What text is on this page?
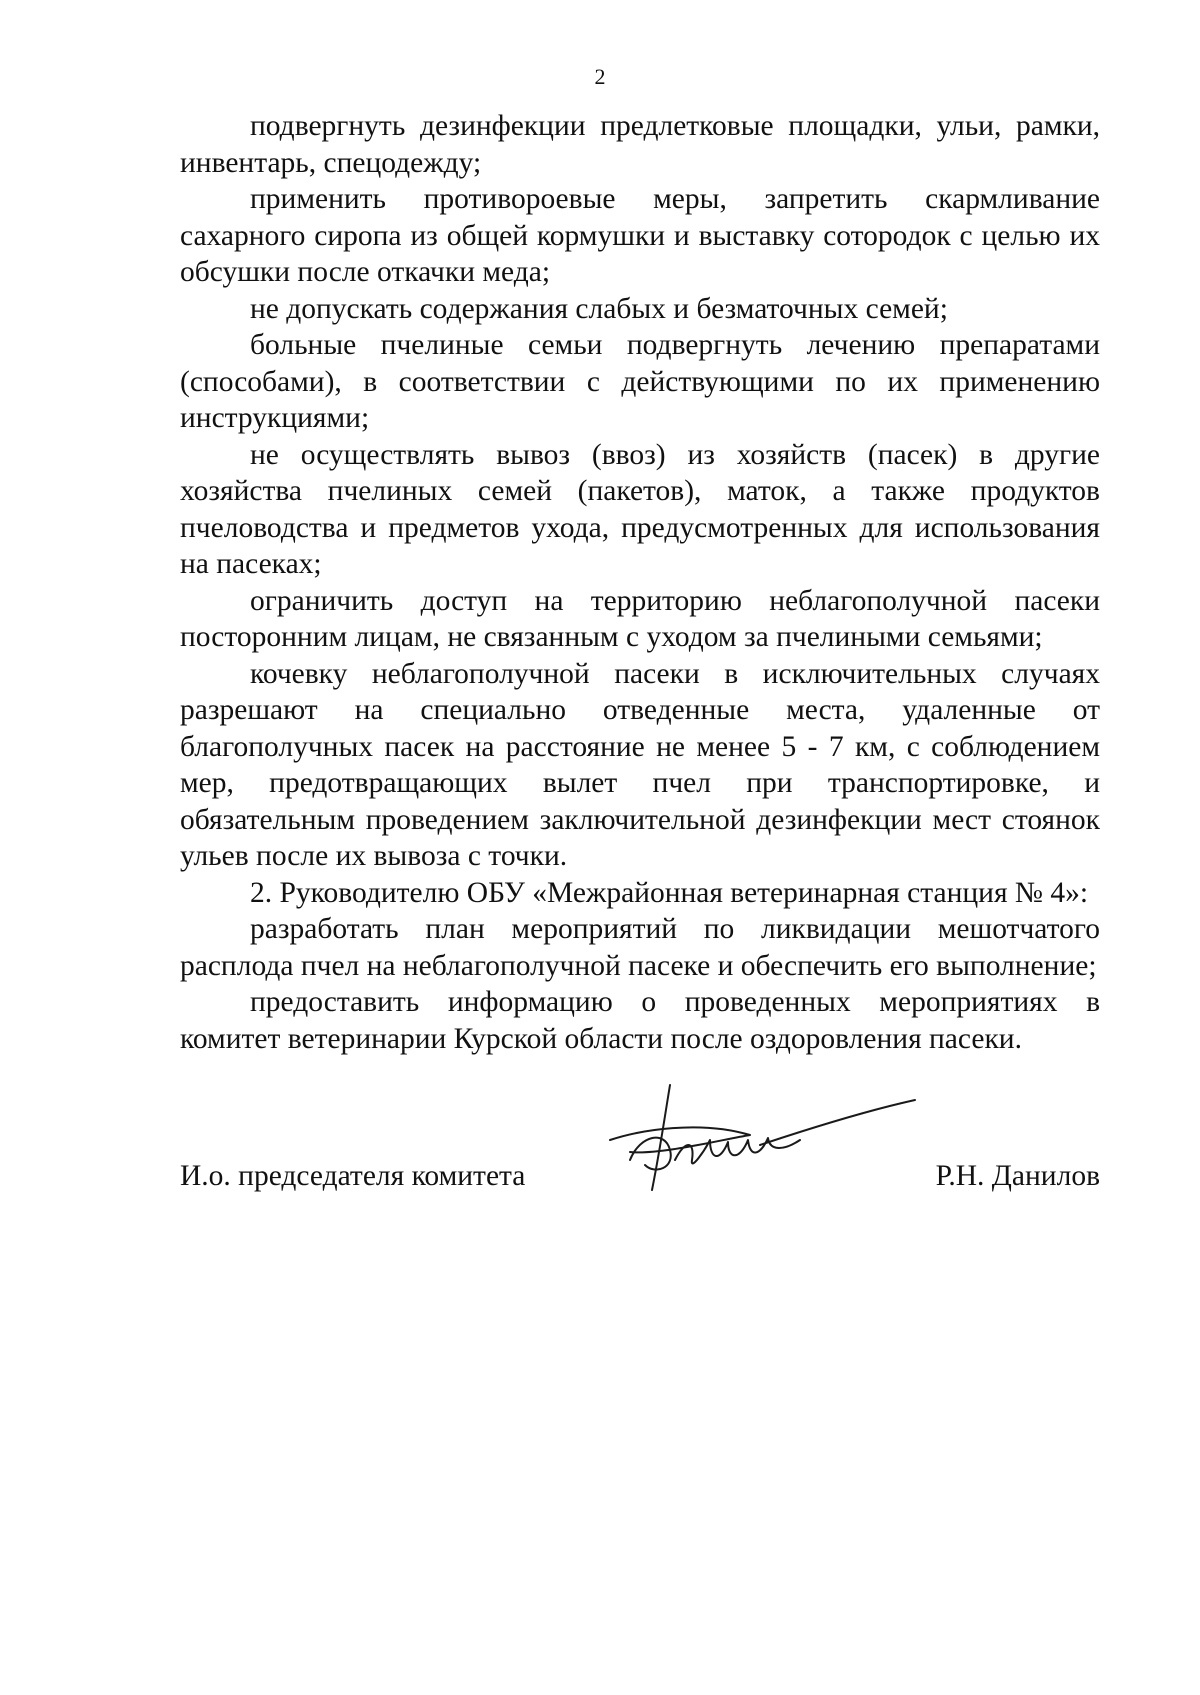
2

подвергнуть дезинфекции предлетковые площадки, ульи, рамки, инвентарь, спецодежду;

применить противороевые меры, запретить скармливание сахарного сиропа из общей кормушки и выставку сотородок с целью их обсушки после откачки меда;

не допускать содержания слабых и безматочных семей;

больные пчелиные семьи подвергнуть лечению препаратами (способами), в соответствии с действующими по их применению инструкциями;

не осуществлять вывоз (ввоз) из хозяйств (пасек) в другие хозяйства пчелиных семей (пакетов), маток, а также продуктов пчеловодства и предметов ухода, предусмотренных для использования на пасеках;

ограничить доступ на территорию неблагополучной пасеки посторонним лицам, не связанным с уходом за пчелиными семьями;

кочевку неблагополучной пасеки в исключительных случаях разрешают на специально отведенные места, удаленные от благополучных пасек на расстояние не менее 5 - 7 км, с соблюдением мер, предотвращающих вылет пчел при транспортировке, и обязательным проведением заключительной дезинфекции мест стоянок ульев после их вывоза с точки.

2. Руководителю ОБУ «Межрайонная ветеринарная станция № 4»:

разработать план мероприятий по ликвидации мешотчатого расплода пчел на неблагополучной пасеке и обеспечить его выполнение;

предоставить информацию о проведенных мероприятиях в комитет ветеринарии Курской области после оздоровления пасеки.

И.о. председателя комитета	Р.Н. Данилов
